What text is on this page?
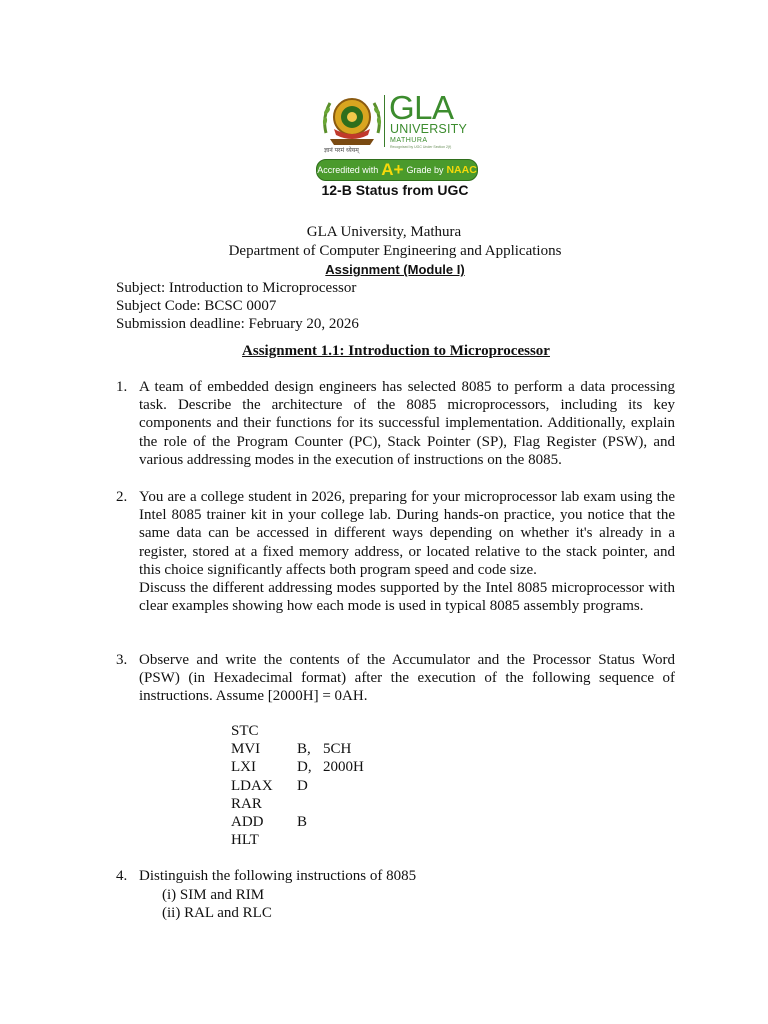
GLA
UNIVERSITY
MATHURA
Recognised by UGC Under Section 2(f)
ज्ञानं परमं ध्येयम्
Accredited with A+ Grade by NAAC
12-B Status from UGC
GLA University, Mathura
Department of Computer Engineering and Applications
Assignment (Module I)
Subject: Introduction to Microprocessor
Subject Code: BCSC 0007
Submission deadline: February 20, 2026
Assignment 1.1: Introduction to Microprocessor
1. A team of embedded design engineers has selected 8085 to perform a data processing task. Describe the architecture of the 8085 microprocessors, including its key components and their functions for its successful implementation. Additionally, explain the role of the Program Counter (PC), Stack Pointer (SP), Flag Register (PSW), and various addressing modes in the execution of instructions on the 8085.

2. You are a college student in 2026, preparing for your microprocessor lab exam using the Intel 8085 trainer kit in your college lab. During hands-on practice, you notice that the same data can be accessed in different ways depending on whether it's already in a register, stored at a fixed memory address, or located relative to the stack pointer, and this choice significantly affects both program speed and code size.

Discuss the different addressing modes supported by the Intel 8085 microprocessor with clear examples showing how each mode is used in typical 8085 assembly programs.

3. Observe and write the contents of the Accumulator and the Processor Status Word (PSW) (in Hexadecimal format) after the execution of the following sequence of instructions. Assume [2000H] = 0AH.

STC
MVI B, 5CH
LXI	D, 2000H
LDAX D
RAR
ADD B
HLT
4. Distinguish the following instructions of 8085

(i) SIM and RIM
(ii) RAL and RLC
